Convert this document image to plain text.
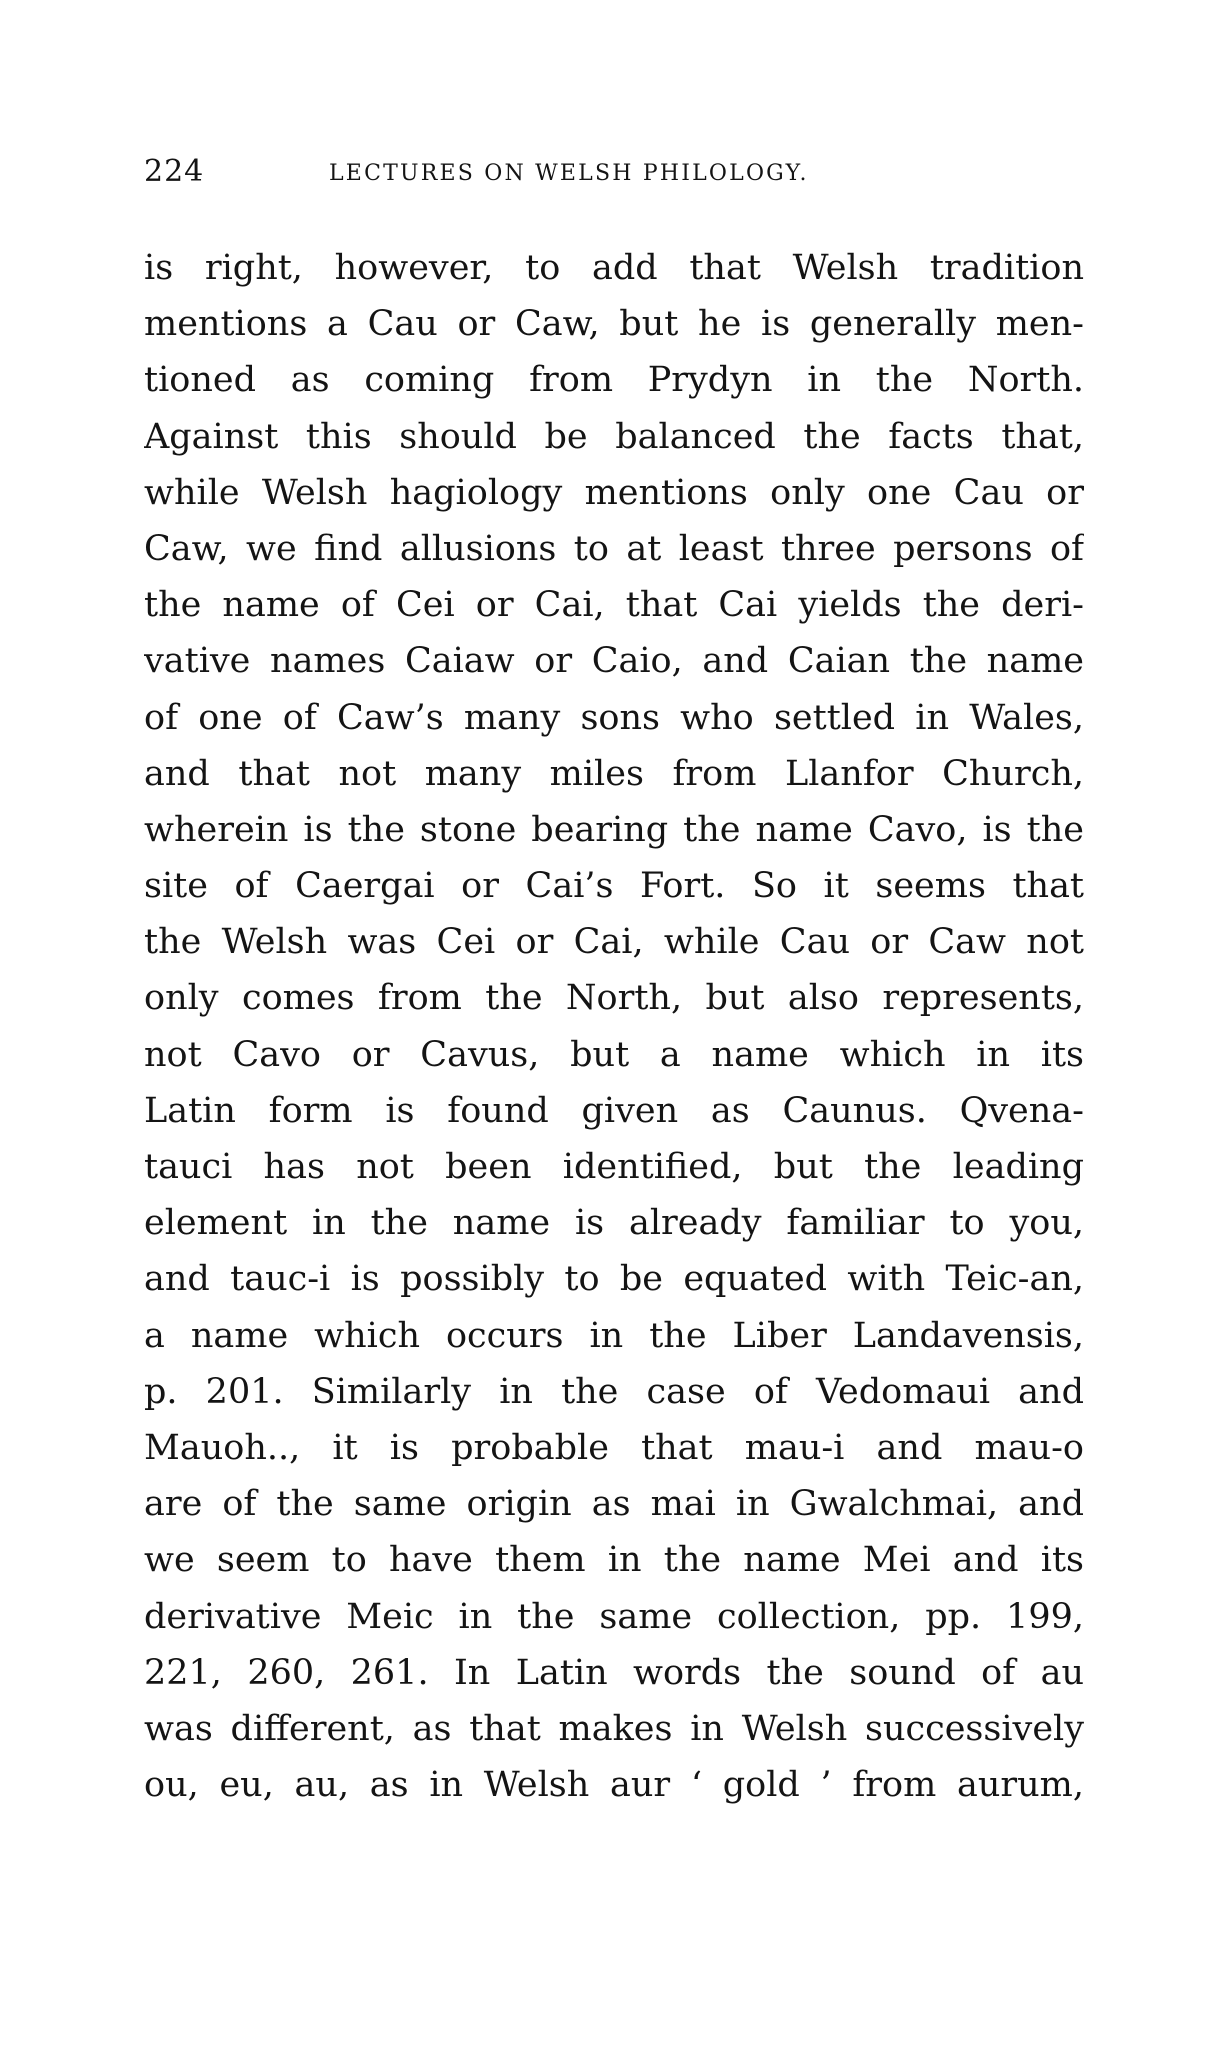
224	LECTURES ON WELSH PHILOLOGY.
is right, however, to add that Welsh tradition
mentions a Cau or Caw, but he is generally men-
tioned as coming from Prydyn in the North.
Against this should be balanced the facts that,
while Welsh hagiology mentions only one Cau or
Caw, we find allusions to at least three persons of
the name of Cei or Cai, that Cai yields the deri-
vative names Caiaw or Caio, and Caian the name
of one of Caw’s many sons who settled in Wales,
and that not many miles from Llanfor Church,
wherein is the stone bearing the name Cavo, is the
site of Caergai or Cai’s Fort. So it seems that
the Welsh was Cei or Cai, while Cau or Caw not
only comes from the North, but also represents,
not Cavo or Cavus, but a name which in its
Latin form is found given as Caunus. Qvena-
tauci has not been identified, but the leading
element in the name is already familiar to you,
and tauc-i is possibly to be equated with Teic-an,
a name which occurs in the Liber Landavensis,
p. 201. Similarly in the case of Vedomaui and
Mauoh.., it is probable that mau-i and mau-o
are of the same origin as mai in Gwalchmai, and
we seem to have them in the name Mei and its
derivative Meic in the same collection, pp. 199,
221, 260, 261. In Latin words the sound of au
was different, as that makes in Welsh successively
ou, eu, au, as in Welsh aur ‘ gold ’ from aurum,
